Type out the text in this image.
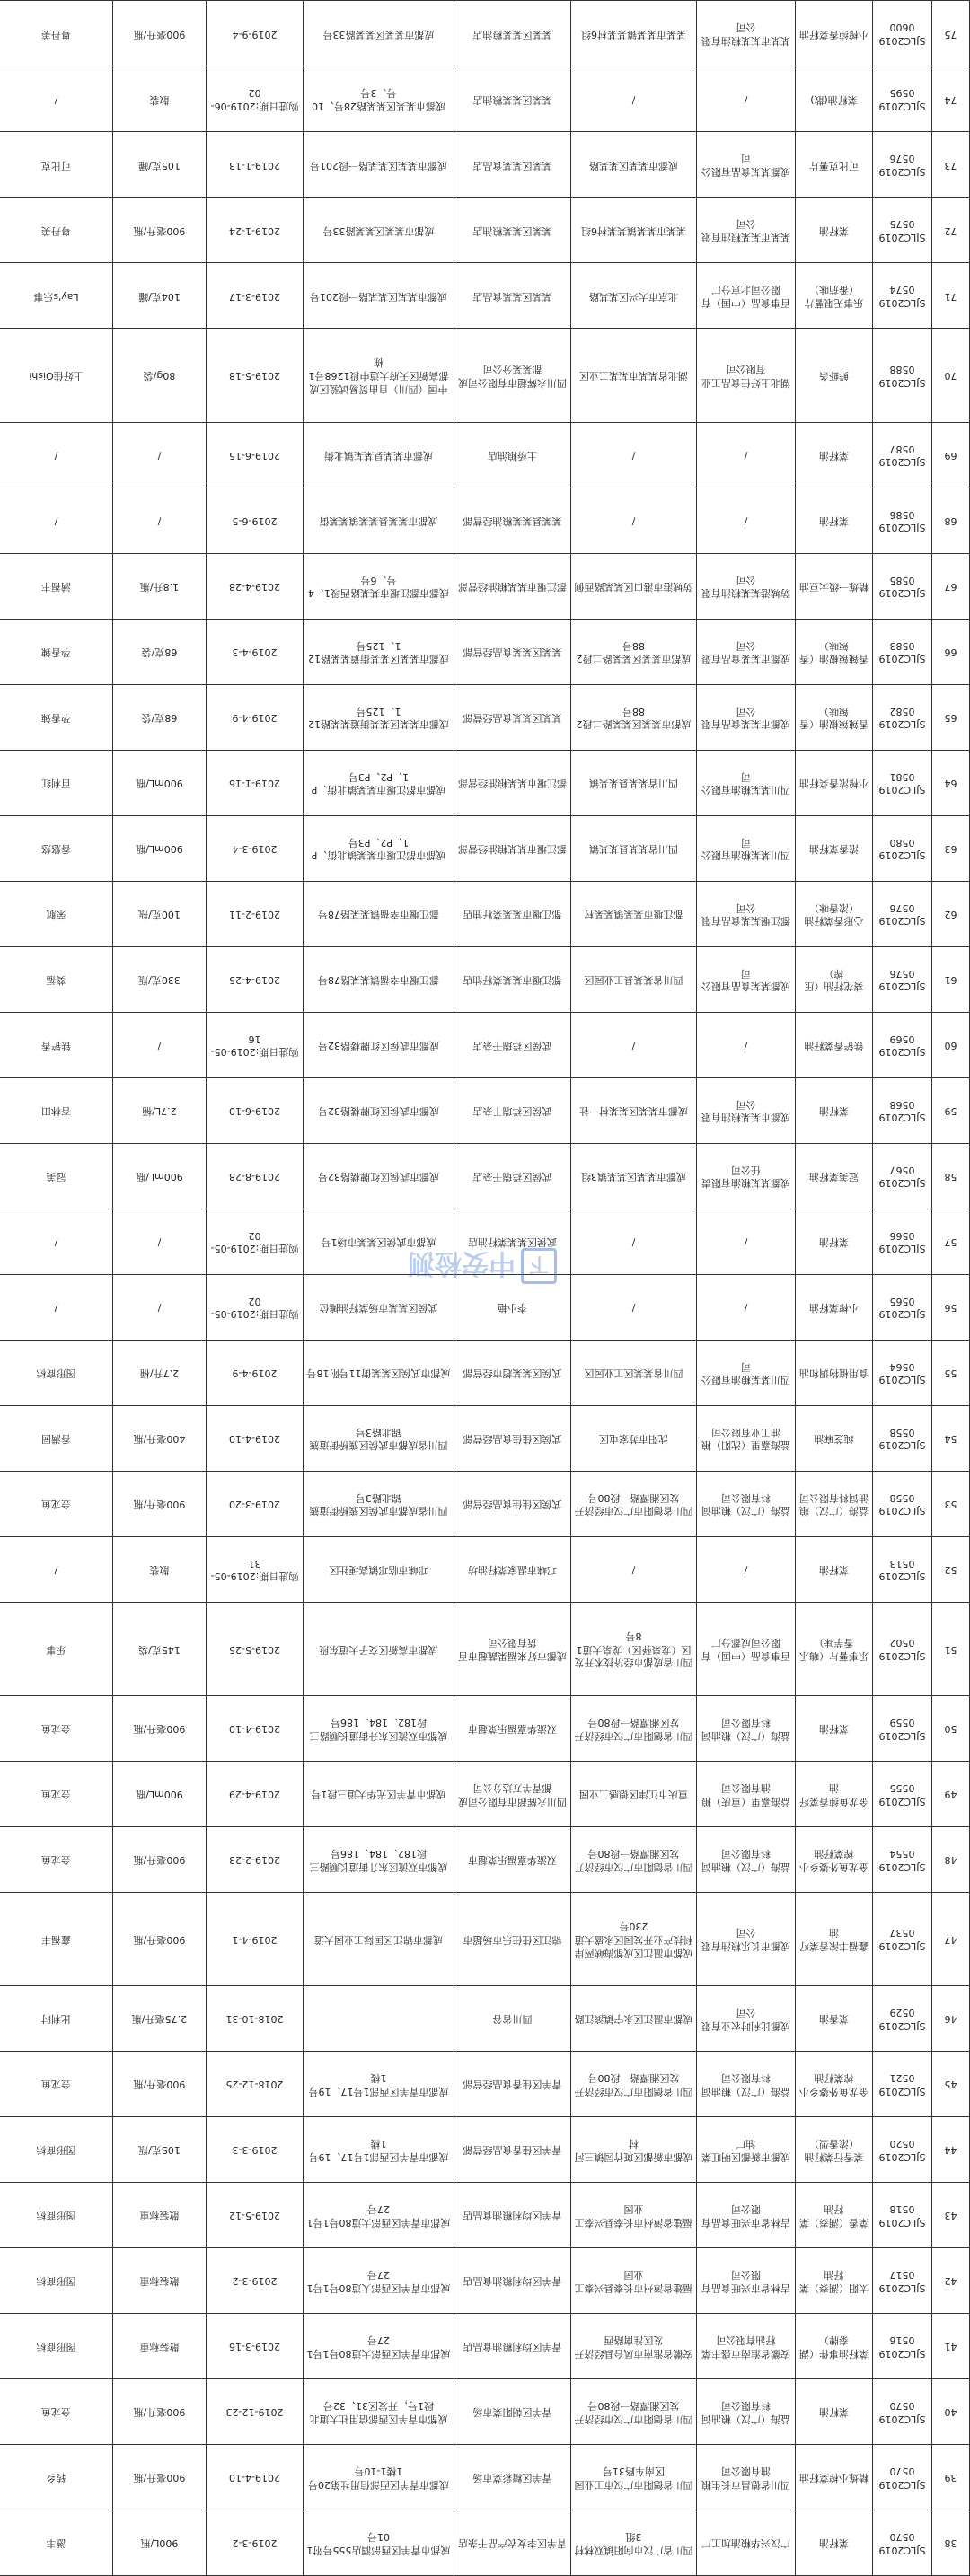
38	SJLC20190570	菜籽油	广汉兴华粮油加工厂	四川省广汉市向阳镇双林村3组	青羊区李友农产品干杂店	成都市青羊区西部酒店555号附101号	2019-3-2	900L/瓶	滋丰
39	SJLC20190570	精炼小榨菜籽油	四川省德昌市长生粮油有限公司	四川省德阳市广汉市工业园区南车路31号	青羊区精彩菜市场	成都市青羊区西部信用社第20号1楼1-10号	2019-4-10	900毫升/瓶	转乡
40	SJLC20190570	菜籽油	益海（广汉）粮油饲料有限公司	四川省德阳市广汉市经济开发区湘潭路一段80号	青羊区朝阳菜市场	成都市青羊区西部信用社大道北段1号，开发区31、32号	2019-12-23	900毫升/瓶	金龙鱼
41	SJLC20190516	菜籽油事件（湖泰牌）	安徽省淮南市盛丰菜籽油有限公司	安徽省淮南市凤台县经济开发区淮南路西	青羊区均利粮油食品店	成都市青羊区西部大道80号1号127号	2019-3-16	散装称重	图形商标
42	SJLC20190517	太阳（湖泰）菜籽油	吉林省市兴旺食品有限公司	福建省漳州市长泰县兴泰工业园	青羊区均利粮油食品店	成都市青羊区西部大道80号1号127号	2019-3-2	散装称重	图形商标
43	SJLC20190518	菜香（湖泰）菜籽油	吉林省市兴旺食品有限公司	福建省漳州市长泰县兴泰工业园	青羊区均利粮油食品店	成都市青羊区西部大道80号1号127号	2019-5-12	散装称重	图形商标
44	SJLC20190520	菜香行菜籽油（浓香型）	成都市新都区明旺菜油厂	成都市新都区斑竹园镇三河村	青羊区佳香食品经营部	成都市青羊区西部1号17、19号1楼	2019-3-3	10S克/瓶	图形商标
45	SJLC20190521	金龙鱼外婆乡小榨菜籽油	益海（广汉）粮油饲料有限公司	四川省德阳市广汉市经济开发区湘潭路一段80号	青羊区佳香食品经营部	成都市青羊区西部1号17、19号1楼	2018-12-25	900毫升/瓶	金龙鱼
46	SJLC20190529	菜香油	成都比利时农业有限公司	成都市温江区永宁镇滨江路	四川省谷		2018-10-31	2.75毫升/瓶	比利时
47	SJLC20190537	鑫福丰浓香菜籽油	成都市长乐粮油有限公司	成都市温江区成都海峡两岸科技产业开发园区永盛大道230号	锦江区佳佳乐市场超市	成都市锦江区国际工业园大道	2019-4-1	900毫升/瓶	鑫福丰
48	SJLC20190554	金龙鱼外婆乡小榨菜籽油	益海（广汉）粮油饲料有限公司	四川省德阳市广汉市经济开发区湘潭路一段80号	双流华嘉福乐菜超市	成都市双流区东升街道长顺路三段182、184、186号	2019-2-23	900毫升/瓶	金龙鱼
49	SJLC20190555	金龙鱼纯香菜籽油	益海嘉里（重庆）粮油有限公司	重庆市江津区德感工业园	四川永辉超市有限公司成都青羊万达分公司	成都市青羊区光华大道三段1号	2019-4-29	900mL/瓶	金龙鱼
50	SJLC20190559	菜籽油	益海（广汉）粮油饲料有限公司	四川省德阳市广汉市经济开发区湘潭路一段80号	双流华嘉福乐菜超市	成都市双流区东升街道长顺路三段182、184、186号	2019-4-10	900毫升/瓶	金龙鱼
51	SJLC20190502	乐事薯片（嗨乐香芋味）	百事食品（中国）有限公司成都分厂	四川省成都市经济技术开发区（龙泉驿区）龙泉大道18号	成都市好来福果蔬超市百货有限公司	成都市高新区交子大道东段	2019-5-25	145克/袋	乐事
52	SJLC20190513	菜籽油	/	/	邛崃市温家菜籽油坊	邛崃市临邛镇高埂社区	购进日期:2019-05-31	散装	/
53	SJLC20190558	益海（广汉）粮油饲料有限公司	益海（广汉）粮油饲料有限公司	四川省德阳市广汉市经济开发区湘潭路一段80号	武侯区佳佳食品经营部	四川省成都市武侯区簇桥街道簇锦北路3号	2019-3-20	900毫升/瓶	金龙鱼
54	SJLC20190558	纯芝麻油	益海嘉里（沈阳）粮油工业有限公司	沈阳市苏家屯区	武侯区佳佳食品经营部	四川省成都市武侯区簇桥街道簇锦北路3号	2019-4-10	400毫升/瓶	香满园
55	SJLC20190564	食用植物调和油	四川某某粮油有限公司	四川省某某区工业园区	武侯区某某超市经营部	成都市武侯区某某街11号附18号	2019-4-9	2.7升/桶	图形商标
56	SJLC20190565	小榨菜籽油	/	/	李小艳	武侯区某某市场菜籽油摊位	购进日期:2019-05-02	/	/
57	SJLC20190566	菜籽油	/	/	武侯区某某菜籽油店	成都市武侯区某某市场1号	购进日期:2019-05-02	/	/
58	SJLC20190567	冠美菜籽油	成都某某粮油有限责任公司	成都市某某区某某镇3组	武侯区祥瑞干杂店	成都市武侯区红牌楼路32号	2019-8-28	900mL/瓶	冠美
59	SJLC20190568	菜籽油	成都市某某粮油有限公司	成都市某某区某某村一社	武侯区祥瑞干杂店	成都市武侯区红牌楼路32号	2019-6-10	2.7L/桶	杏林田
60	SJLC20190569	铁铲香菜籽油	/	/	武侯区祥瑞干杂店	成都市武侯区红牌楼路32号	购进日期:2019-05-16	/	铁铲香
61	SJLC20190576	葵花籽油（压榨）	成都某某食品有限公司	四川省某某县工业园区	都江堰市某某菜籽油店	都江堰市幸福镇某某路78号	2019-4-25	330克/瓶	葵福
62	SJLC20190576	心形香菜籽油（浓香味）	都江堰某某食品有限公司	都江堰市某某镇某某村	都江堰市某某菜籽油店	都江堰市幸福镇某某路78号	2019-2-11	100克/瓶	荣航
63	SJLC20190580	浓香菜籽油	四川某某粮油有限公司	四川省某某县某某镇	都江堰市某某粮油经营部	成都市都江堰市某某镇北街、P1、P2、P3号	2019-3-4	900mL/瓶	香悠悠
64	SJLC20190581	小榨浓香菜籽油	四川某某粮油有限公司	四川省某某县某某镇	都江堰市某某粮油经营部	成都市都江堰市某某镇北街、P1、P2、P3号	2019-1-16	900mL/瓶	百利红
65	SJLC20190582	香辣辣椒油（香辣味）	成都市某某食品有限公司	成都市某某区某某路二段288号	某某区某某食品经营部	成都市某某区某某街道某某路121、125号	2019-4-9	68克/袋	孕香辣
66	SJLC20190583	香辣辣椒油（香辣味）	成都市某某食品有限公司	成都市某某区某某路二段288号	某某区某某食品经营部	成都市某某区某某街道某某路121、125号	2019-4-3	68克/袋	孕香辣
67	SJLC20190585	精炼一级大豆油	防城港某某粮油有限公司	防城港市港口区某某路西侧	都江堰市某某粮油经营部	成都市都江堰市某某路西段1、4号、6号	2019-4-28	1.8升/瓶	满福丰
68	SJLC20190586	菜籽油	/	/	某某县某某粮油经营部	成都市某某县某某镇某某街	2019-6-5	/	/
69	SJLC20190587	菜籽油	/	/	土桥粮油店	成都市某某县某某镇北街	2019-6-15	/	/
70	SJLC20190588	鲜虾条	湖北上好佳食品工业有限公司	湖北省某某市某某工业区	四川永辉超市有限公司成都某某分公司	中国（四川）自由贸易试验区成都高新区天府大道中段1268号1栋	2019-5-18	80g/袋	上好佳Oishi
71	SJLC20190574	乐事无限薯片（番茄味）	百事食品（中国）有限公司北京分厂	北京市大兴区某某路	某某区某某食品店	成都市某某区某某路一段201号	2019-3-17	104克/罐	Lay's乐事
72	SJLC20190575	菜籽油	某某市某某粮油有限公司	某某市某某镇某某村6组	某某区某某粮油店	成都市某某区某某路33号	2019-1-24	900毫升/瓶	粤丹美
73	SJLC20190576	可比克薯片	成都某某食品有限公司	成都市某某区某某路	某某区某某食品店	成都市某某区某某路一段201号	2019-1-13	105克/罐	可比克
74	SJLC20190595	菜籽油(散)	/	/	某某区某某粮油店	成都市某某区某某路28号、10号、3号	购进日期:2019-06-02	散装	/
75	SJLC20190600	小榨纯香菜籽油	某某市某某粮油有限公司	某某市某某镇某某村6组	某某区某某粮油店	成都市某某区某某路33号	2019-9-4	900毫升/瓶	粤丹美
下
中安检测
